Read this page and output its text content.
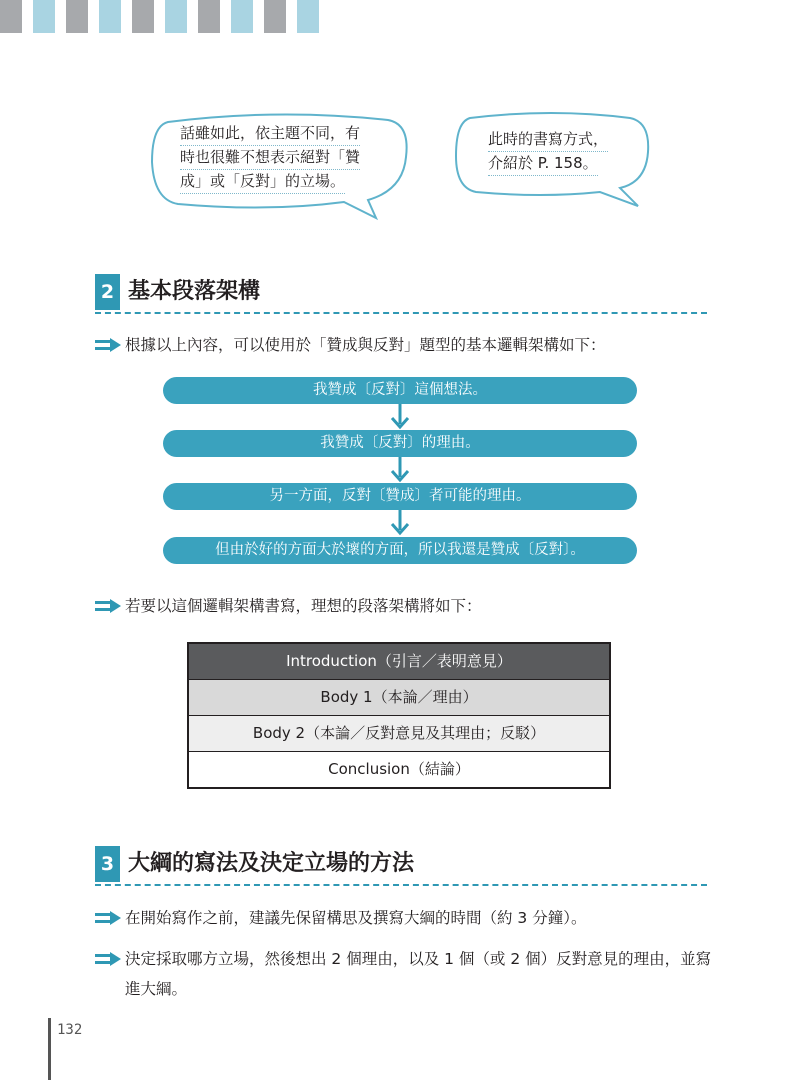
話雖如此，依主題不同，有
時也很難不想表示絕對「贊
成」或「反對」的立場。
此時的書寫方式，
介紹於 P. 158。
2 基本段落架構
根據以上內容，可以使用於「贊成與反對」題型的基本邏輯架構如下：
我贊成〔反對〕這個想法。
我贊成〔反對〕的理由。
另一方面，反對〔贊成〕者可能的理由。
但由於好的方面大於壞的方面，所以我還是贊成〔反對〕。
若要以這個邏輯架構書寫，理想的段落架構將如下：
Introduction（引言／表明意見）
Body 1（本論／理由）
Body 2（本論／反對意見及其理由；反駁）
Conclusion（結論）
3 大綱的寫法及決定立場的方法
在開始寫作之前，建議先保留構思及撰寫大綱的時間（約 3 分鐘）。
決定採取哪方立場，然後想出 2 個理由，以及 1 個（或 2 個）反對意見的理由，並寫進大綱。
132
